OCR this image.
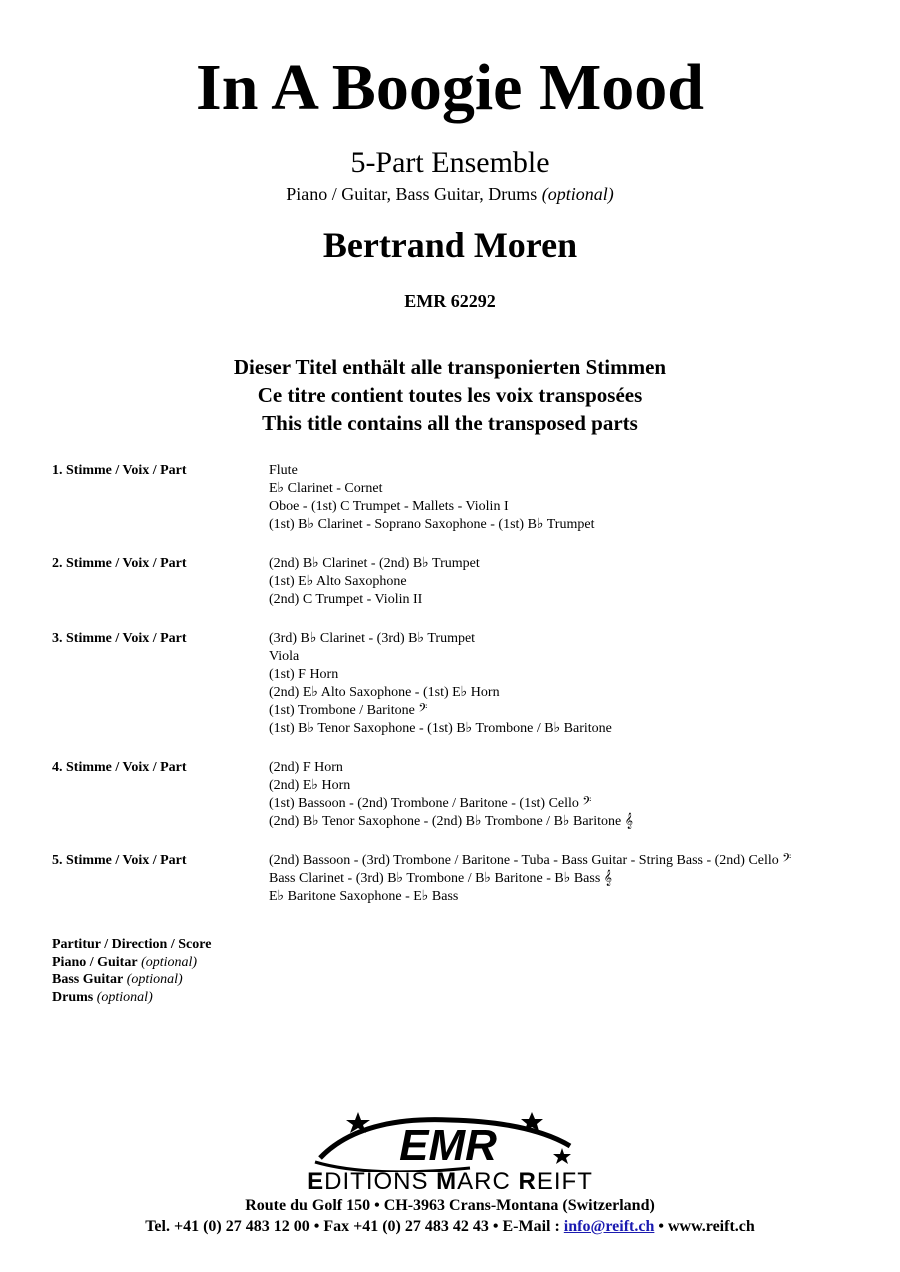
In A Boogie Mood
5-Part Ensemble
Piano / Guitar, Bass Guitar, Drums (optional)
Bertrand Moren
EMR 62292
Dieser Titel enthält alle transponierten Stimmen
Ce titre contient toutes les voix transposées
This title contains all the transposed parts
1. Stimme / Voix / Part	Flute
E♭ Clarinet - Cornet
Oboe - (1st) C Trumpet - Mallets - Violin I
(1st) B♭ Clarinet - Soprano Saxophone - (1st) B♭ Trumpet
2. Stimme / Voix / Part	(2nd) B♭ Clarinet - (2nd) B♭ Trumpet
(1st) E♭ Alto Saxophone
(2nd) C Trumpet - Violin II
3. Stimme / Voix / Part	(3rd) B♭ Clarinet - (3rd) B♭ Trumpet
Viola
(1st) F Horn
(2nd) E♭ Alto Saxophone - (1st) E♭ Horn
(1st) Trombone / Baritone 𝄢
(1st) B♭ Tenor Saxophone - (1st) B♭ Trombone / B♭ Baritone
4. Stimme / Voix / Part	(2nd) F Horn
(2nd) E♭ Horn
(1st) Bassoon - (2nd) Trombone / Baritone - (1st) Cello 𝄢
(2nd) B♭ Tenor Saxophone - (2nd) B♭ Trombone / B♭ Baritone 𝄞
5. Stimme / Voix / Part	(2nd) Bassoon - (3rd) Trombone / Baritone - Tuba - Bass Guitar - String Bass - (2nd) Cello 𝄢
Bass Clarinet - (3rd) B♭ Trombone / B♭ Baritone - B♭ Bass 𝄞
E♭ Baritone Saxophone - E♭ Bass
Partitur / Direction / Score
Piano / Guitar (optional)
Bass Guitar (optional)
Drums (optional)
EMR
EDITIONS MARC REIFT
Route du Golf 150 • CH-3963 Crans-Montana (Switzerland)
Tel. +41 (0) 27 483 12 00 • Fax +41 (0) 27 483 42 43 • E-Mail : info@reift.ch • www.reift.ch
